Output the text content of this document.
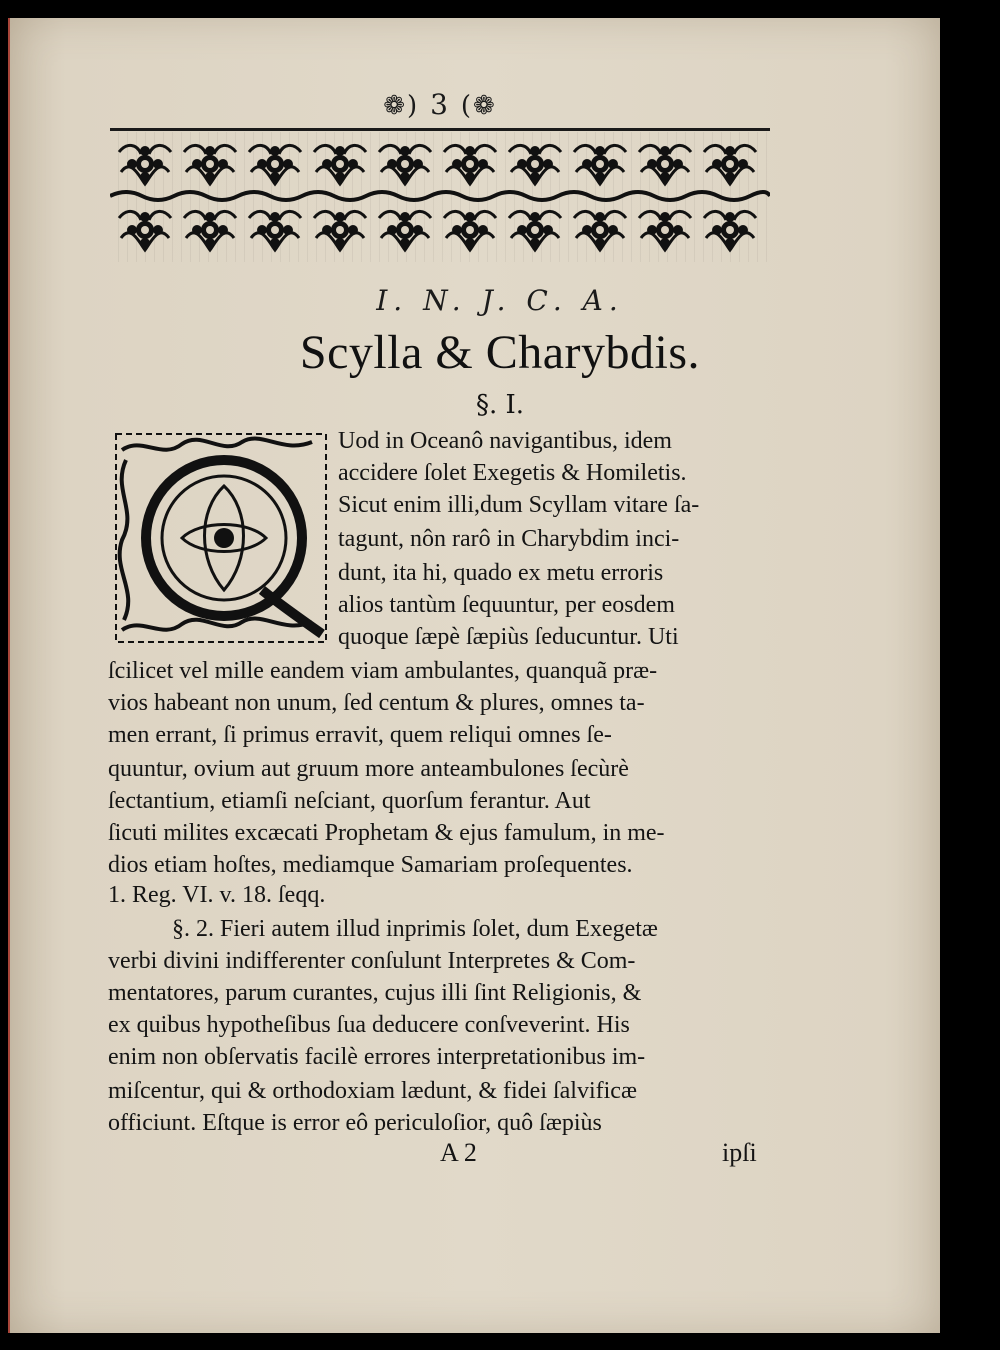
❁) 3 (❁
I. N. J. C. A.
Scylla & Charybdis.
§. I.
Uod in Oceanô navigantibus, idem
accidere ſolet Exegetis & Homiletis.
Sicut enim illi,dum Scyllam vitare ſa-
tagunt, nôn rarô in Charybdim inci-
dunt, ita hi, quado ex metu erroris
alios tantùm ſequuntur, per eosdem
quoque ſæpè ſæpiùs ſeducuntur. Uti
ſcilicet vel mille eandem viam ambulantes, quanquã præ-
vios habeant non unum, ſed centum & plures, omnes ta-
men errant, ſi primus erravit, quem reliqui omnes ſe-
quuntur, ovium aut gruum more anteambulones ſecùrè
ſectantium, etiamſi neſciant, quorſum ferantur. Aut
ſicuti milites excæcati Prophetam & ejus famulum, in me-
dios etiam hoſtes, mediamque Samariam proſequentes.
1. Reg. VI. v. 18. ſeqq.
§. 2. Fieri autem illud inprimis ſolet, dum Exegetæ
verbi divini indifferenter conſulunt Interpretes & Com-
mentatores, parum curantes, cujus illi ſint Religionis, &
ex quibus hypotheſibus ſua deducere conſveverint. His
enim non obſervatis facilè errores interpretationibus im-
miſcentur, qui & orthodoxiam lædunt, & fidei ſalvificæ
officiunt. Eſtque is error eô periculoſior, quô ſæpiùs
A 2	ipſi
